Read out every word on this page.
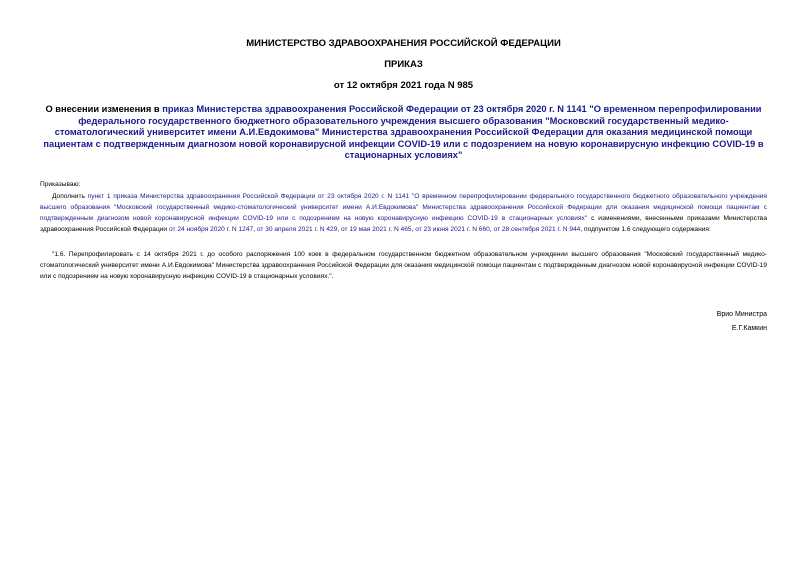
МИНИСТЕРСТВО ЗДРАВООХРАНЕНИЯ РОССИЙСКОЙ ФЕДЕРАЦИИ
ПРИКАЗ
от 12 октября 2021 года N 985
О внесении изменения в приказ Министерства здравоохранения Российской Федерации от 23 октября 2020 г. N 1141 "О временном перепрофилировании федерального государственного бюджетного образовательного учреждения высшего образования "Московский государственный медико-стоматологический университет имени А.И.Евдокимова" Министерства здравоохранения Российской Федерации для оказания медицинской помощи пациентам с подтвержденным диагнозом новой коронавирусной инфекции COVID-19 или с подозрением на новую коронавирусную инфекцию COVID-19 в стационарных условиях"
Приказываю:
Дополнить пункт 1 приказа Министерства здравоохранения Российской Федерации от 23 октября 2020 г. N 1141 "О временном перепрофилировании федерального государственного бюджетного образовательного учреждения высшего образования "Московский государственный медико-стоматологический университет имени А.И.Евдокимова" Министерства здравоохранения Российской Федерации для оказания медицинской помощи пациентам с подтвержденным диагнозом новой коронавирусной инфекции COVID-19 или с подозрением на новую коронавирусную инфекцию COVID-19 в стационарных условиях" с изменениями, внесенными приказами Министерства здравоохранения Российской Федерации от 24 ноября 2020 г. N 1247, от 30 апреля 2021 г. N 429, от 19 мая 2021 г. N 465, от 23 июня 2021 г. N 660, от 28 сентября 2021 г. N 944, подпунктом 1.6 следующего содержания:
"1.6. Перепрофилировать с 14 октября 2021 г. до особого распоряжения 100 коек в федеральном государственном бюджетном образовательном учреждении высшего образования "Московский государственный медико-стоматологический университет имени А.И.Евдокимова" Министерства здравоохранения Российской Федерации для оказания медицинской помощи пациентам с подтвержденным диагнозом новой коронавирусной инфекции COVID-19 или с подозрением на новую коронавирусную инфекцию COVID-19 в стационарных условиях.".
Врио Министра
Е.Г.Камкин
